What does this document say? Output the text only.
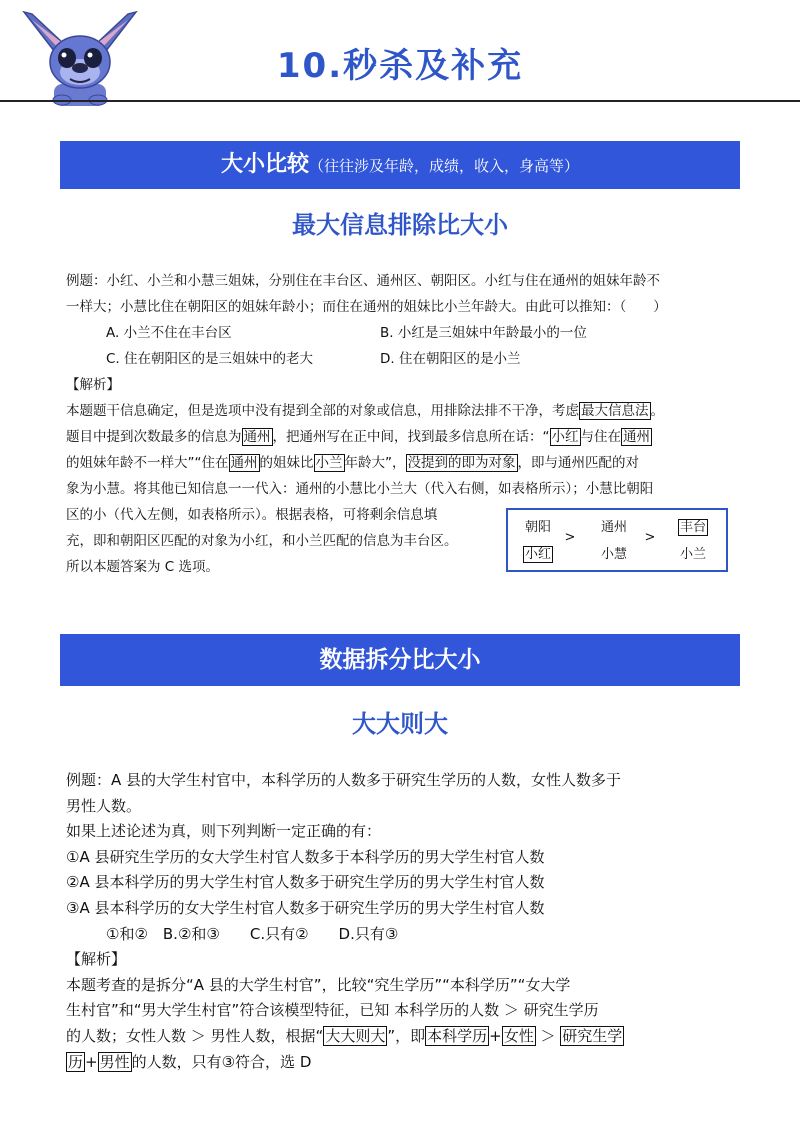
10.秒杀及补充
大小比较（往往涉及年龄，成绩，收入，身高等）
最大信息排除比大小
例题：小红、小兰和小慧三姐妹，分别住在丰台区、通州区、朝阳区。小红与住在通州的姐妹年龄不
一样大；小慧比住在朝阳区的姐妹年龄小；而住在通州的姐妹比小兰年龄大。由此可以推知：（　　）
A. 小兰不住在丰台区	B. 小红是三姐妹中年龄最小的一位
C. 住在朝阳区的是三姐妹中的老大	D. 住在朝阳区的是小兰
【解析】
本题题干信息确定，但是选项中没有提到全部的对象或信息，用排除法排不干净，考虑 最大信息法 。
题目中提到次数最多的信息为 通州 ，把通州写在正中间，找到最多信息所在话：“ 小红 与住在 通州
的姐妹年龄不一样大”“住在 通州 的姐妹比 小兰 年龄大”， 没提到的即为对象 ，即与通州匹配的对
象为小慧。将其他已知信息一一代入：通州的小慧比小兰大（代入右侧，如表格所示）；小慧比朝阳
区的小（代入左侧，如表格所示）。根据表格，可将剩余信息填
充，即和朝阳区匹配的对象为小红，和小兰匹配的信息为丰台区。
所以本题答案为 C 选项。
朝阳
小红
>
通州
小慧
>
丰台
小兰
数据拆分比大小
大大则大
例题：A 县的大学生村官中，本科学历的人数多于研究生学历的人数，女性人数多于
男性人数。
如果上述论述为真，则下列判断一定正确的有：
①A 县研究生学历的女大学生村官人数多于本科学历的男大学生村官人数
②A 县本科学历的男大学生村官人数多于研究生学历的男大学生村官人数
③A 县本科学历的女大学生村官人数多于研究生学历的男大学生村官人数
①和②　B.②和③　　C.只有②　　D.只有③
【解析】
本题考查的是拆分“A 县的大学生村官”，比较“究生学历”“本科学历”“女大学
生村官”和“男大学生村官”符合该模型特征，已知 本科学历的人数 ＞ 研究生学历
的人数；女性人数 ＞ 男性人数，根据“ 大大则大 ”，即 本科学历 + 女性 ＞ 研究生学
历 + 男性 的人数，只有③符合，选 D
